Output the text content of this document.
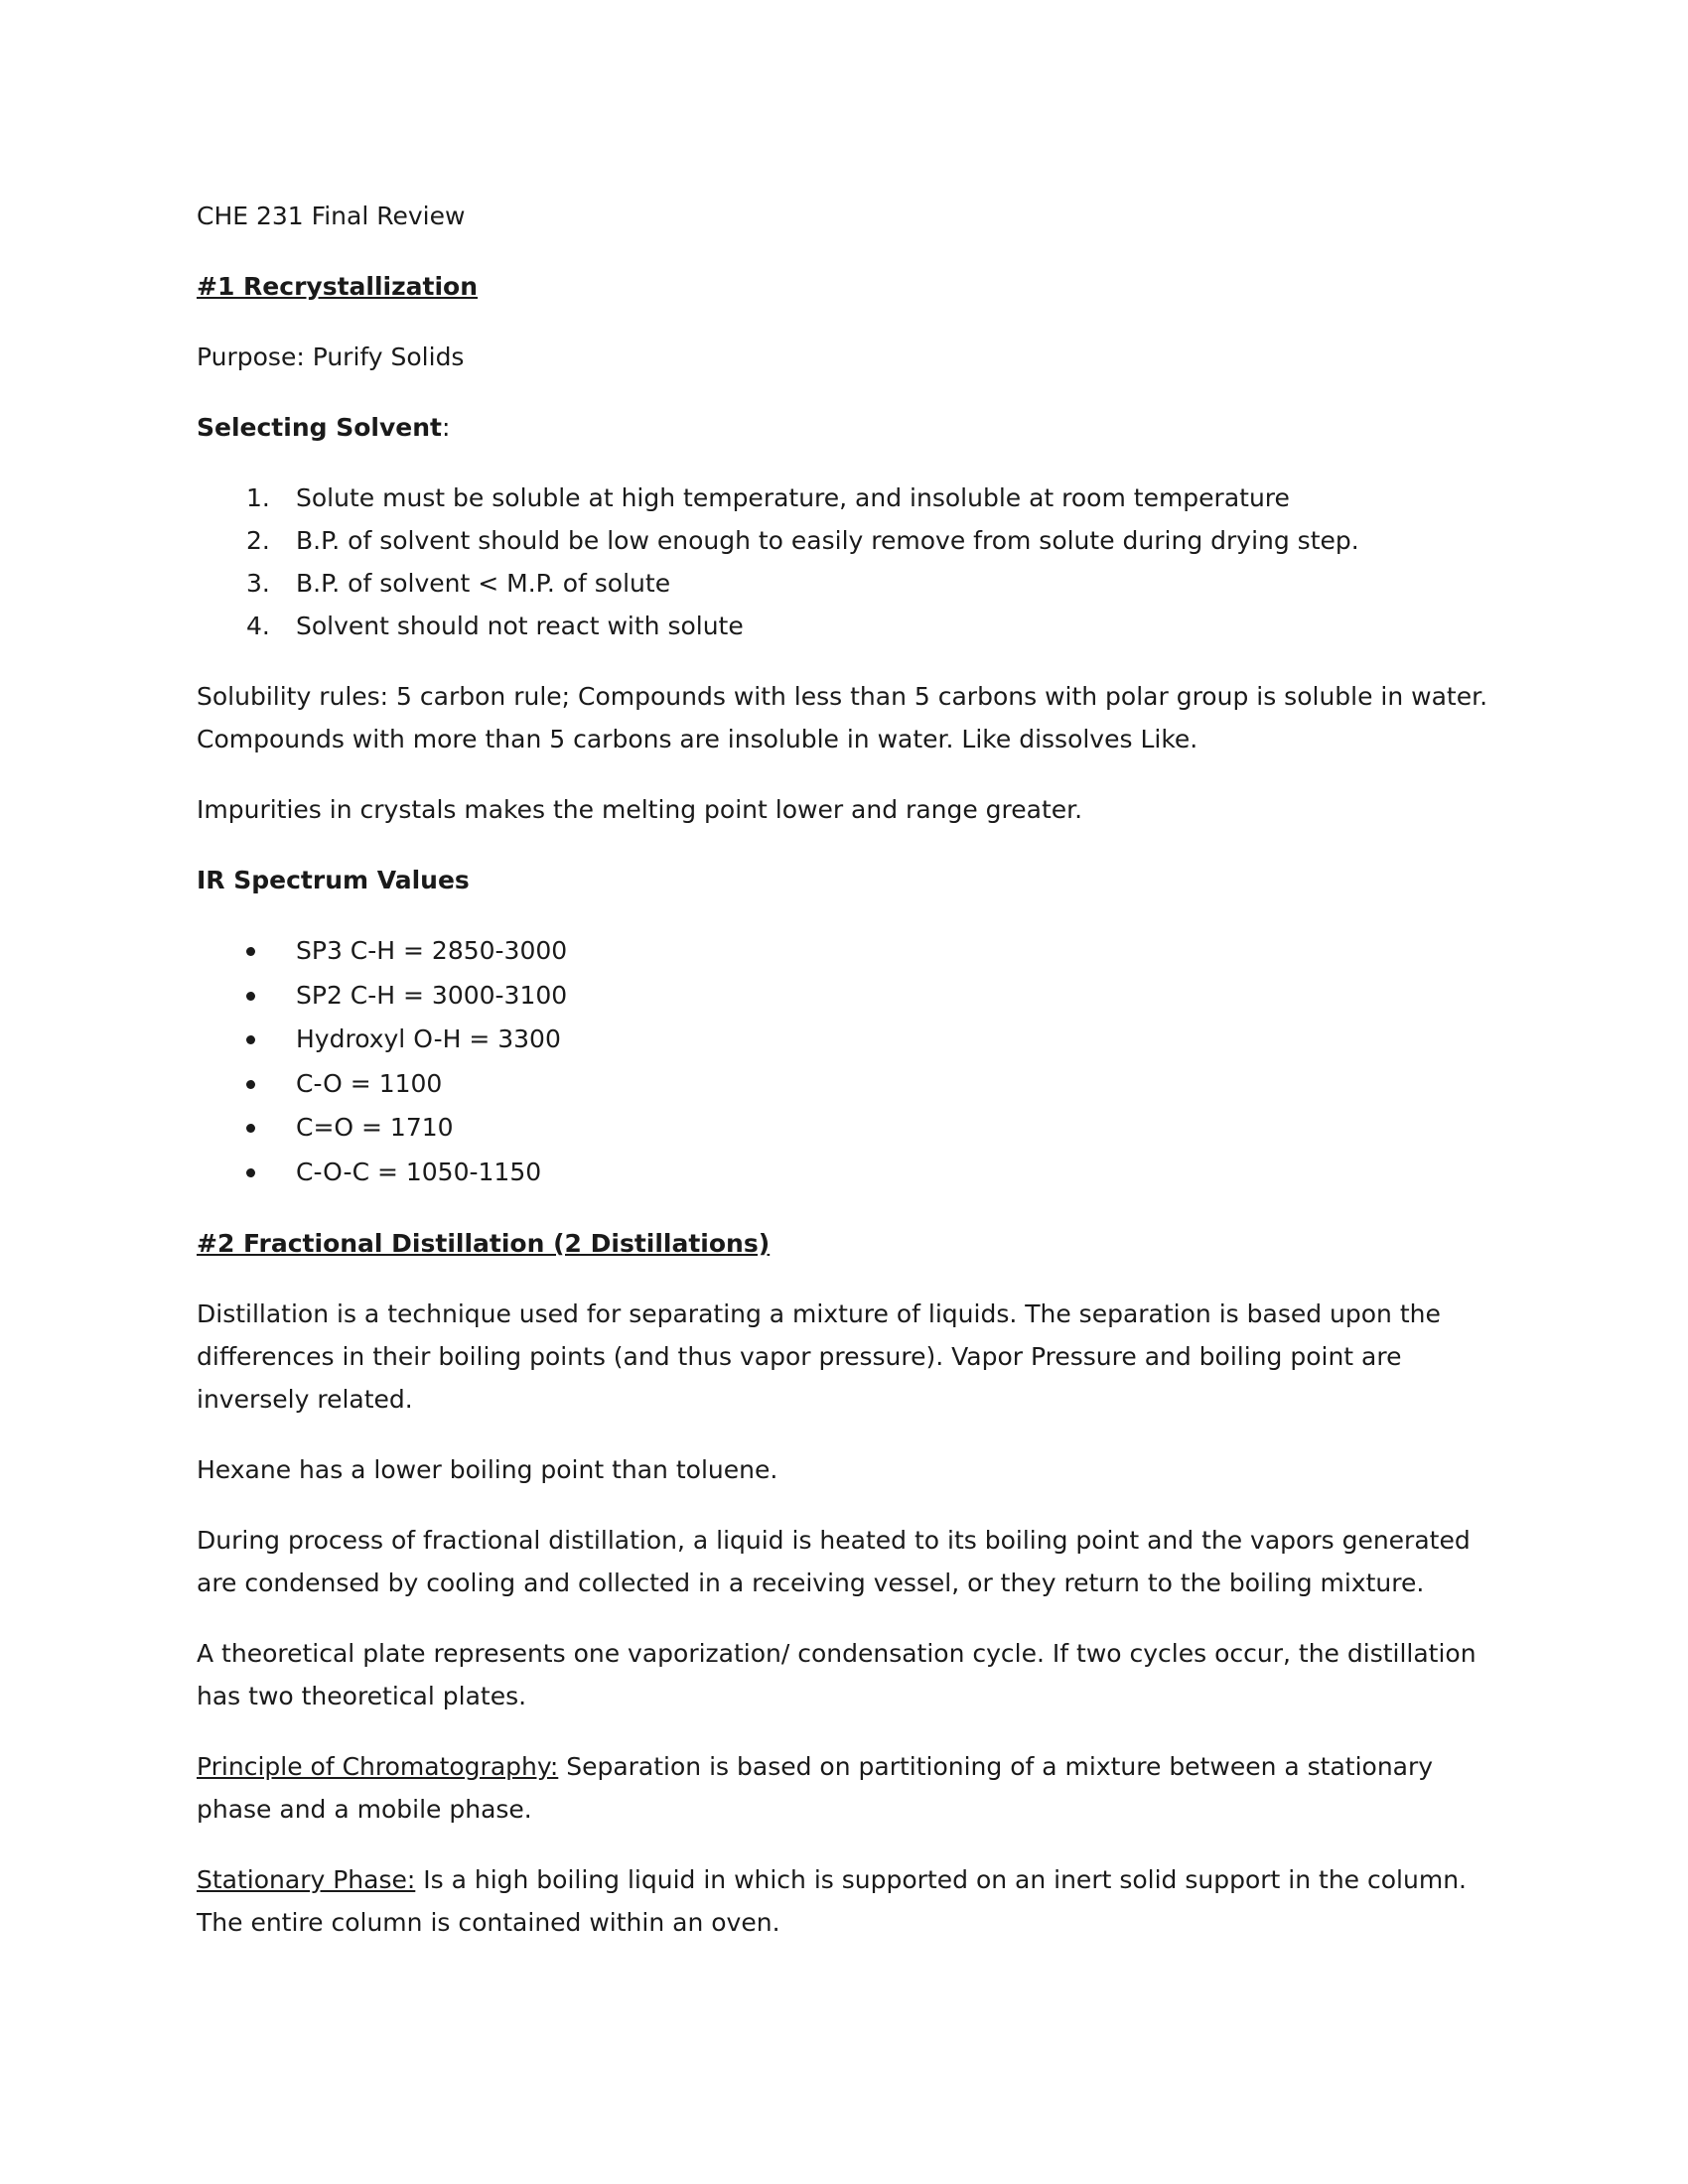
CHE 231 Final Review

#1 Recrystallization

Purpose: Purify Solids

Selecting Solvent:

1. Solute must be soluble at high temperature, and insoluble at room temperature
2. B.P. of solvent should be low enough to easily remove from solute during drying step.
3. B.P. of solvent < M.P. of solute
4. Solvent should not react with solute

Solubility rules: 5 carbon rule; Compounds with less than 5 carbons with polar group is soluble in water. Compounds with more than 5 carbons are insoluble in water. Like dissolves Like.

Impurities in crystals makes the melting point lower and range greater.

IR Spectrum Values

SP3 C-H = 2850-3000
SP2 C-H = 3000-3100
Hydroxyl O-H = 3300
C-O = 1100
C=O = 1710
C-O-C = 1050-1150

#2 Fractional Distillation (2 Distillations)

Distillation is a technique used for separating a mixture of liquids. The separation is based upon the differences in their boiling points (and thus vapor pressure). Vapor Pressure and boiling point are inversely related.

Hexane has a lower boiling point than toluene.

During process of fractional distillation, a liquid is heated to its boiling point and the vapors generated are condensed by cooling and collected in a receiving vessel, or they return to the boiling mixture.

A theoretical plate represents one vaporization/ condensation cycle. If two cycles occur, the distillation has two theoretical plates.

Principle of Chromatography: Separation is based on partitioning of a mixture between a stationary phase and a mobile phase.

Stationary Phase: Is a high boiling liquid in which is supported on an inert solid support in the column. The entire column is contained within an oven.
